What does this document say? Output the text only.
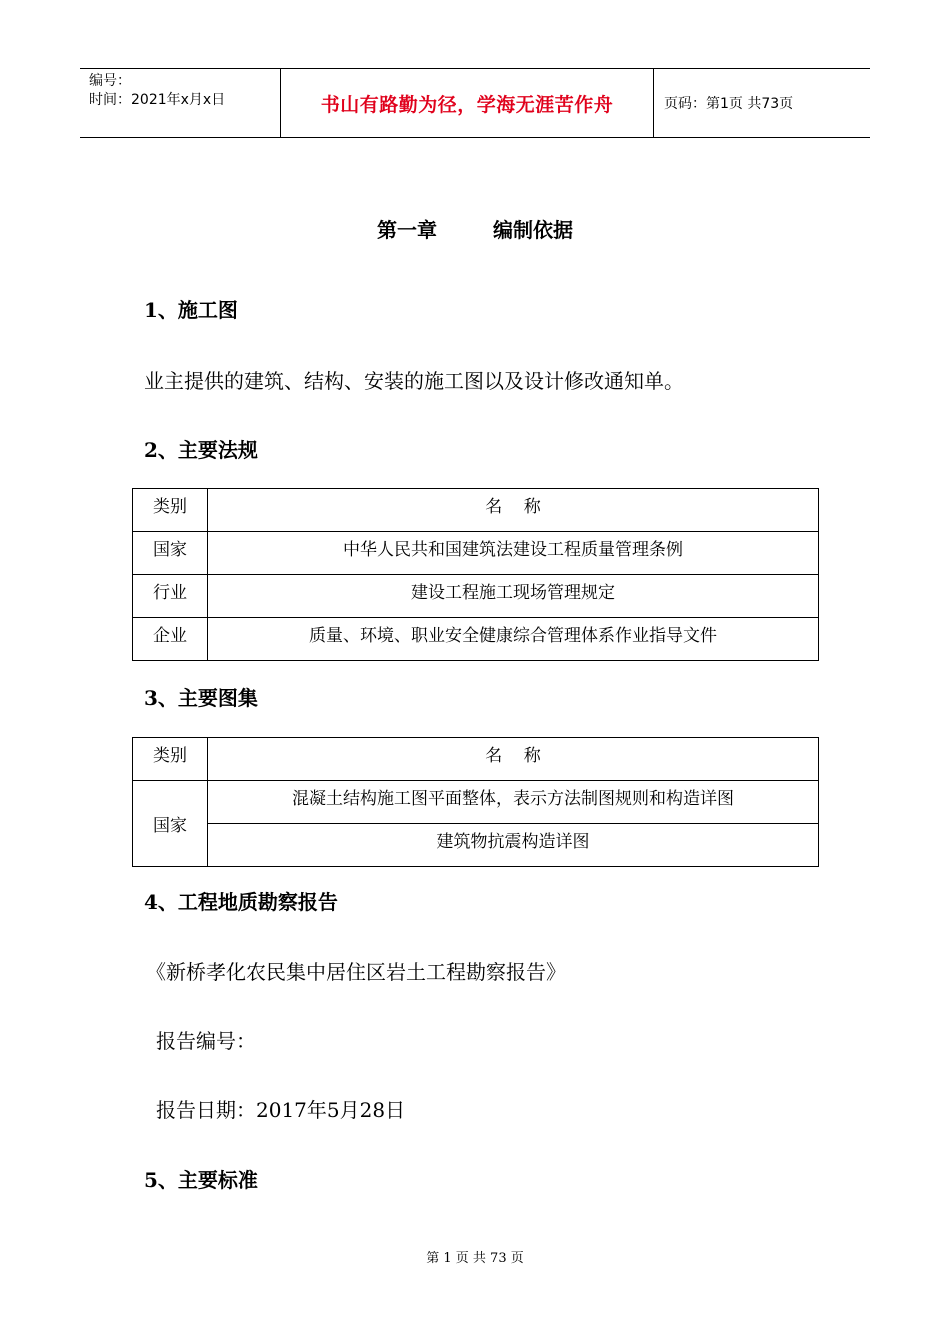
编号：
时间：2021年x月x日	书山有路勤为径，学海无涯苦作舟	页码：第1页 共73页
第一章	编制依据
1、施工图
业主提供的建筑、结构、安装的施工图以及设计修改通知单。
2、主要法规
类别	名    称
国家	中华人民共和国建筑法建设工程质量管理条例
行业	建设工程施工现场管理规定
企业	质量、环境、职业安全健康综合管理体系作业指导文件
3、主要图集
类别	名    称
国家	混凝土结构施工图平面整体，表示方法制图规则和构造详图
	建筑物抗震构造详图
4、工程地质勘察报告
《新桥孝化农民集中居住区岩土工程勘察报告》
报告编号：
报告日期：2017年5月28日
5、主要标准
第 1 页 共 73 页
